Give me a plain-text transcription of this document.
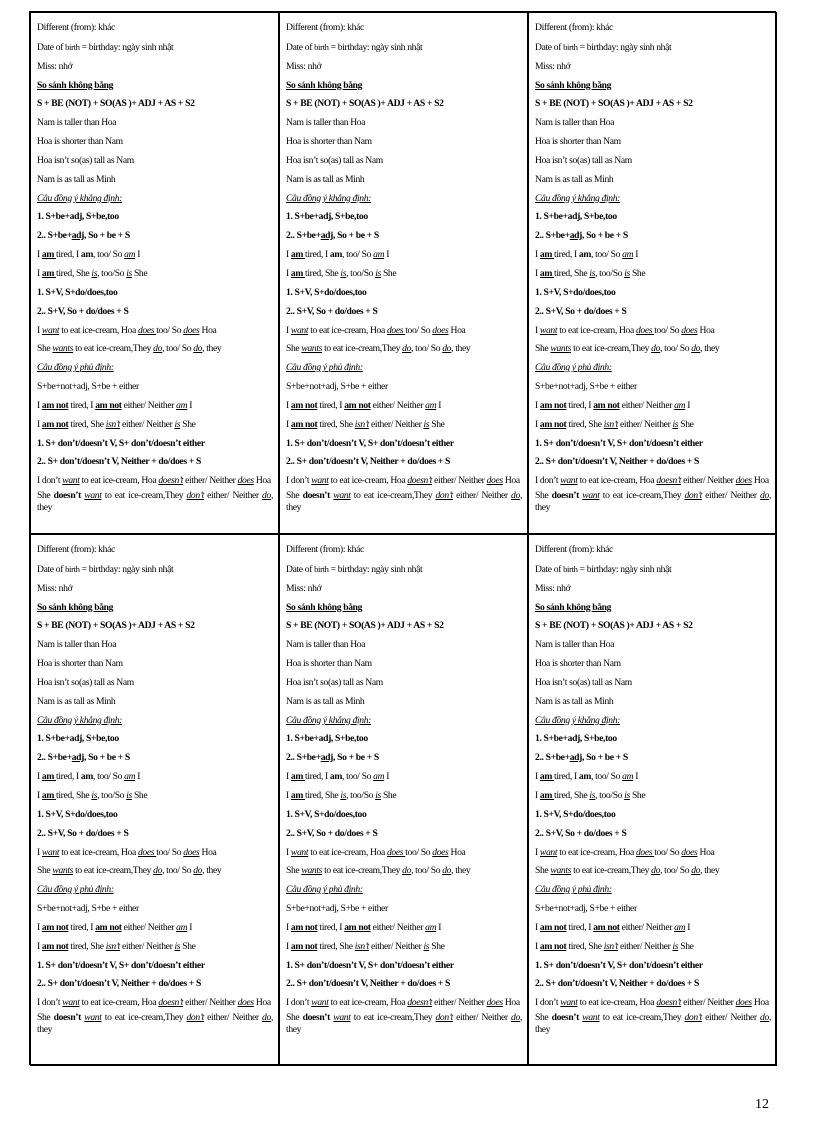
Different (from): khác
Date of birth = birthday: ngày sinh nhật
Miss: nhớ
So sánh không bằng
S + BE (NOT) + SO(AS )+ ADJ + AS + S2
Nam is taller than Hoa
Hoa is shorter than Nam
Hoa isn’t so(as) tall as Nam
Nam is as tall as Minh
Câu đồng ý khẳng định:
1. S+be+adj, S+be,too
2.. S+be+adj, So + be + S
I am tired, I am, too/ So am I
I am tired, She is, too/So is She
1. S+V, S+do/does,too
2.. S+V, So + do/does + S
I want to eat ice-cream, Hoa does too/ So does Hoa
She wants to eat ice-cream,They do, too/ So do, they
Câu đồng ý phủ định:
S+be+not+adj, S+be + either
I am not tired, I am not either/ Neither am I
I am not tired, She isn’t either/ Neither is She
1. S+ don’t/doesn’t V, S+ don’t/doesn’t either
2.. S+ don’t/doesn’t V, Neither + do/does + S
I don’t want to eat ice-cream, Hoa doesn’t either/ Neither does Hoa
She doesn’t want to eat ice-cream,They don’t either/ Neither do, they
Different (from): khác
Date of birth = birthday: ngày sinh nhật
Miss: nhớ
So sánh không bằng
S + BE (NOT) + SO(AS )+ ADJ + AS + S2
Nam is taller than Hoa
Hoa is shorter than Nam
Hoa isn’t so(as) tall as Nam
Nam is as tall as Minh
Câu đồng ý khẳng định:
1. S+be+adj, S+be,too
2.. S+be+adj, So + be + S
I am tired, I am, too/ So am I
I am tired, She is, too/So is She
1. S+V, S+do/does,too
2.. S+V, So + do/does + S
I want to eat ice-cream, Hoa does too/ So does Hoa
She wants to eat ice-cream,They do, too/ So do, they
Câu đồng ý phủ định:
S+be+not+adj, S+be + either
I am not tired, I am not either/ Neither am I
I am not tired, She isn’t either/ Neither is She
1. S+ don’t/doesn’t V, S+ don’t/doesn’t either
2.. S+ don’t/doesn’t V, Neither + do/does + S
I don’t want to eat ice-cream, Hoa doesn’t either/ Neither does Hoa
She doesn’t want to eat ice-cream,They don’t either/ Neither do, they
Different (from): khác
Date of birth = birthday: ngày sinh nhật
Miss: nhớ
So sánh không bằng
S + BE (NOT) + SO(AS )+ ADJ + AS + S2
Nam is taller than Hoa
Hoa is shorter than Nam
Hoa isn’t so(as) tall as Nam
Nam is as tall as Minh
Câu đồng ý khẳng định:
1. S+be+adj, S+be,too
2.. S+be+adj, So + be + S
I am tired, I am, too/ So am I
I am tired, She is, too/So is She
1. S+V, S+do/does,too
2.. S+V, So + do/does + S
I want to eat ice-cream, Hoa does too/ So does Hoa
She wants to eat ice-cream,They do, too/ So do, they
Câu đồng ý phủ định:
S+be+not+adj, S+be + either
I am not tired, I am not either/ Neither am I
I am not tired, She isn’t either/ Neither is She
1. S+ don’t/doesn’t V, S+ don’t/doesn’t either
2.. S+ don’t/doesn’t V, Neither + do/does + S
I don’t want to eat ice-cream, Hoa doesn’t either/ Neither does Hoa
She doesn’t want to eat ice-cream,They don’t either/ Neither do, they
Different (from): khác
Date of birth = birthday: ngày sinh nhật
Miss: nhớ
So sánh không bằng
S + BE (NOT) + SO(AS )+ ADJ + AS + S2
Nam is taller than Hoa
Hoa is shorter than Nam
Hoa isn’t so(as) tall as Nam
Nam is as tall as Minh
Câu đồng ý khẳng định:
1. S+be+adj, S+be,too
2.. S+be+adj, So + be + S
I am tired, I am, too/ So am I
I am tired, She is, too/So is She
1. S+V, S+do/does,too
2.. S+V, So + do/does + S
I want to eat ice-cream, Hoa does too/ So does Hoa
She wants to eat ice-cream,They do, too/ So do, they
Câu đồng ý phủ định:
S+be+not+adj, S+be + either
I am not tired, I am not either/ Neither am I
I am not tired, She isn’t either/ Neither is She
1. S+ don’t/doesn’t V, S+ don’t/doesn’t either
2.. S+ don’t/doesn’t V, Neither + do/does + S
I don’t want to eat ice-cream, Hoa doesn’t either/ Neither does Hoa
She doesn’t want to eat ice-cream,They don’t either/ Neither do, they
Different (from): khác
Date of birth = birthday: ngày sinh nhật
Miss: nhớ
So sánh không bằng
S + BE (NOT) + SO(AS )+ ADJ + AS + S2
Nam is taller than Hoa
Hoa is shorter than Nam
Hoa isn’t so(as) tall as Nam
Nam is as tall as Minh
Câu đồng ý khẳng định:
1. S+be+adj, S+be,too
2.. S+be+adj, So + be + S
I am tired, I am, too/ So am I
I am tired, She is, too/So is She
1. S+V, S+do/does,too
2.. S+V, So + do/does + S
I want to eat ice-cream, Hoa does too/ So does Hoa
She wants to eat ice-cream,They do, too/ So do, they
Câu đồng ý phủ định:
S+be+not+adj, S+be + either
I am not tired, I am not either/ Neither am I
I am not tired, She isn’t either/ Neither is She
1. S+ don’t/doesn’t V, S+ don’t/doesn’t either
2.. S+ don’t/doesn’t V, Neither + do/does + S
I don’t want to eat ice-cream, Hoa doesn’t either/ Neither does Hoa
She doesn’t want to eat ice-cream,They don’t either/ Neither do, they
Different (from): khác
Date of birth = birthday: ngày sinh nhật
Miss: nhớ
So sánh không bằng
S + BE (NOT) + SO(AS )+ ADJ + AS + S2
Nam is taller than Hoa
Hoa is shorter than Nam
Hoa isn’t so(as) tall as Nam
Nam is as tall as Minh
Câu đồng ý khẳng định:
1. S+be+adj, S+be,too
2.. S+be+adj, So + be + S
I am tired, I am, too/ So am I
I am tired, She is, too/So is She
1. S+V, S+do/does,too
2.. S+V, So + do/does + S
I want to eat ice-cream, Hoa does too/ So does Hoa
She wants to eat ice-cream,They do, too/ So do, they
Câu đồng ý phủ định:
S+be+not+adj, S+be + either
I am not tired, I am not either/ Neither am I
I am not tired, She isn’t either/ Neither is She
1. S+ don’t/doesn’t V, S+ don’t/doesn’t either
2.. S+ don’t/doesn’t V, Neither + do/does + S
I don’t want to eat ice-cream, Hoa doesn’t either/ Neither does Hoa
She doesn’t want to eat ice-cream,They don’t either/ Neither do, they
12
